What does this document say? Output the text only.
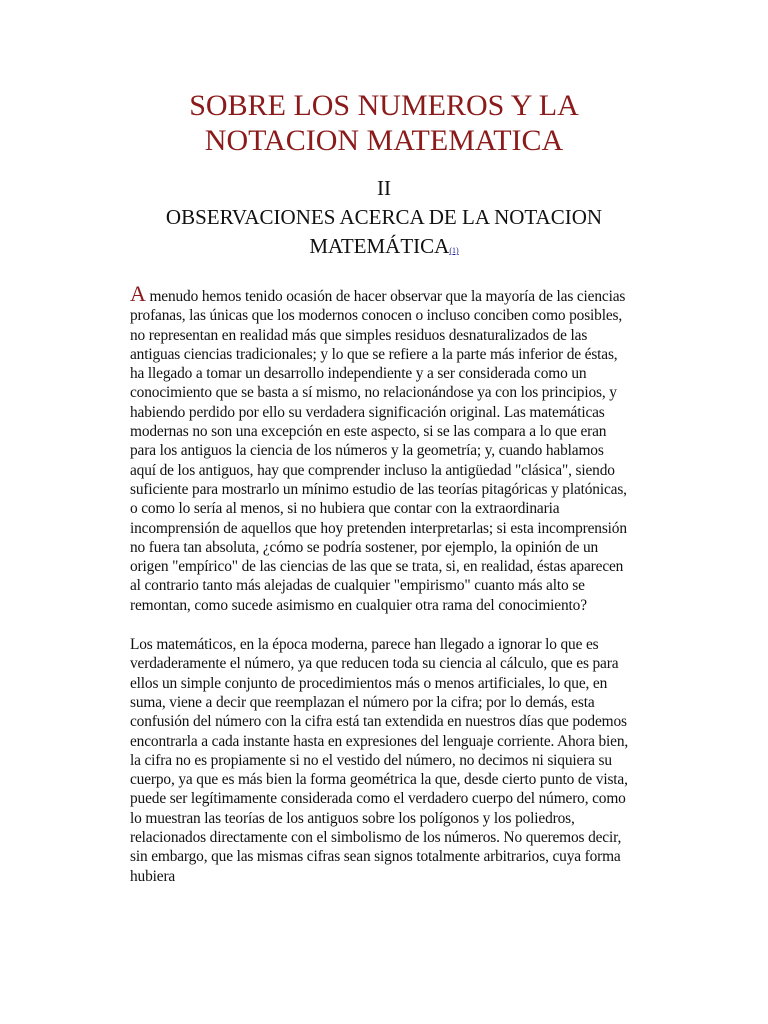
SOBRE LOS NUMEROS Y LA
NOTACION MATEMATICA
II
OBSERVACIONES ACERCA DE LA NOTACION
MATEMÁTICA(1)

A menudo hemos tenido ocasión de hacer observar que la mayoría de las ciencias profanas, las únicas que los modernos conocen o incluso conciben como posibles, no representan en realidad más que simples residuos desnaturalizados de las antiguas ciencias tradicionales; y lo que se refiere a la parte más inferior de éstas, ha llegado a tomar un desarrollo independiente y a ser considerada como un conocimiento que se basta a sí mismo, no relacionándose ya con los principios, y habiendo perdido por ello su verdadera significación original. Las matemáticas modernas no son una excepción en este aspecto, si se las compara a lo que eran para los antiguos la ciencia de los números y la geometría; y, cuando hablamos aquí de los antiguos, hay que comprender incluso la antigüedad "clásica", siendo suficiente para mostrarlo un mínimo estudio de las teorías pitagóricas y platónicas, o como lo sería al menos, si no hubiera que contar con la extraordinaria incomprensión de aquellos que hoy pretenden interpretarlas; si esta incomprensión no fuera tan absoluta, ¿cómo se podría sostener, por ejemplo, la opinión de un origen "empírico" de las ciencias de las que se trata, si, en realidad, éstas aparecen al contrario tanto más alejadas de cualquier "empirismo" cuanto más alto se remontan, como sucede asimismo en cualquier otra rama del conocimiento?

Los matemáticos, en la época moderna, parece han llegado a ignorar lo que es verdaderamente el número, ya que reducen toda su ciencia al cálculo, que es para ellos un simple conjunto de procedimientos más o menos artificiales, lo que, en suma, viene a decir que reemplazan el número por la cifra; por lo demás, esta confusión del número con la cifra está tan extendida en nuestros días que podemos encontrarla a cada instante hasta en expresiones del lenguaje corriente. Ahora bien, la cifra no es propiamente si no el vestido del número, no decimos ni siquiera su cuerpo, ya que es más bien la forma geométrica la que, desde cierto punto de vista, puede ser legítimamente considerada como el verdadero cuerpo del número, como lo muestran las teorías de los antiguos sobre los polígonos y los poliedros, relacionados directamente con el simbolismo de los números. No queremos decir, sin embargo, que las mismas cifras sean signos totalmente arbitrarios, cuya forma hubiera
